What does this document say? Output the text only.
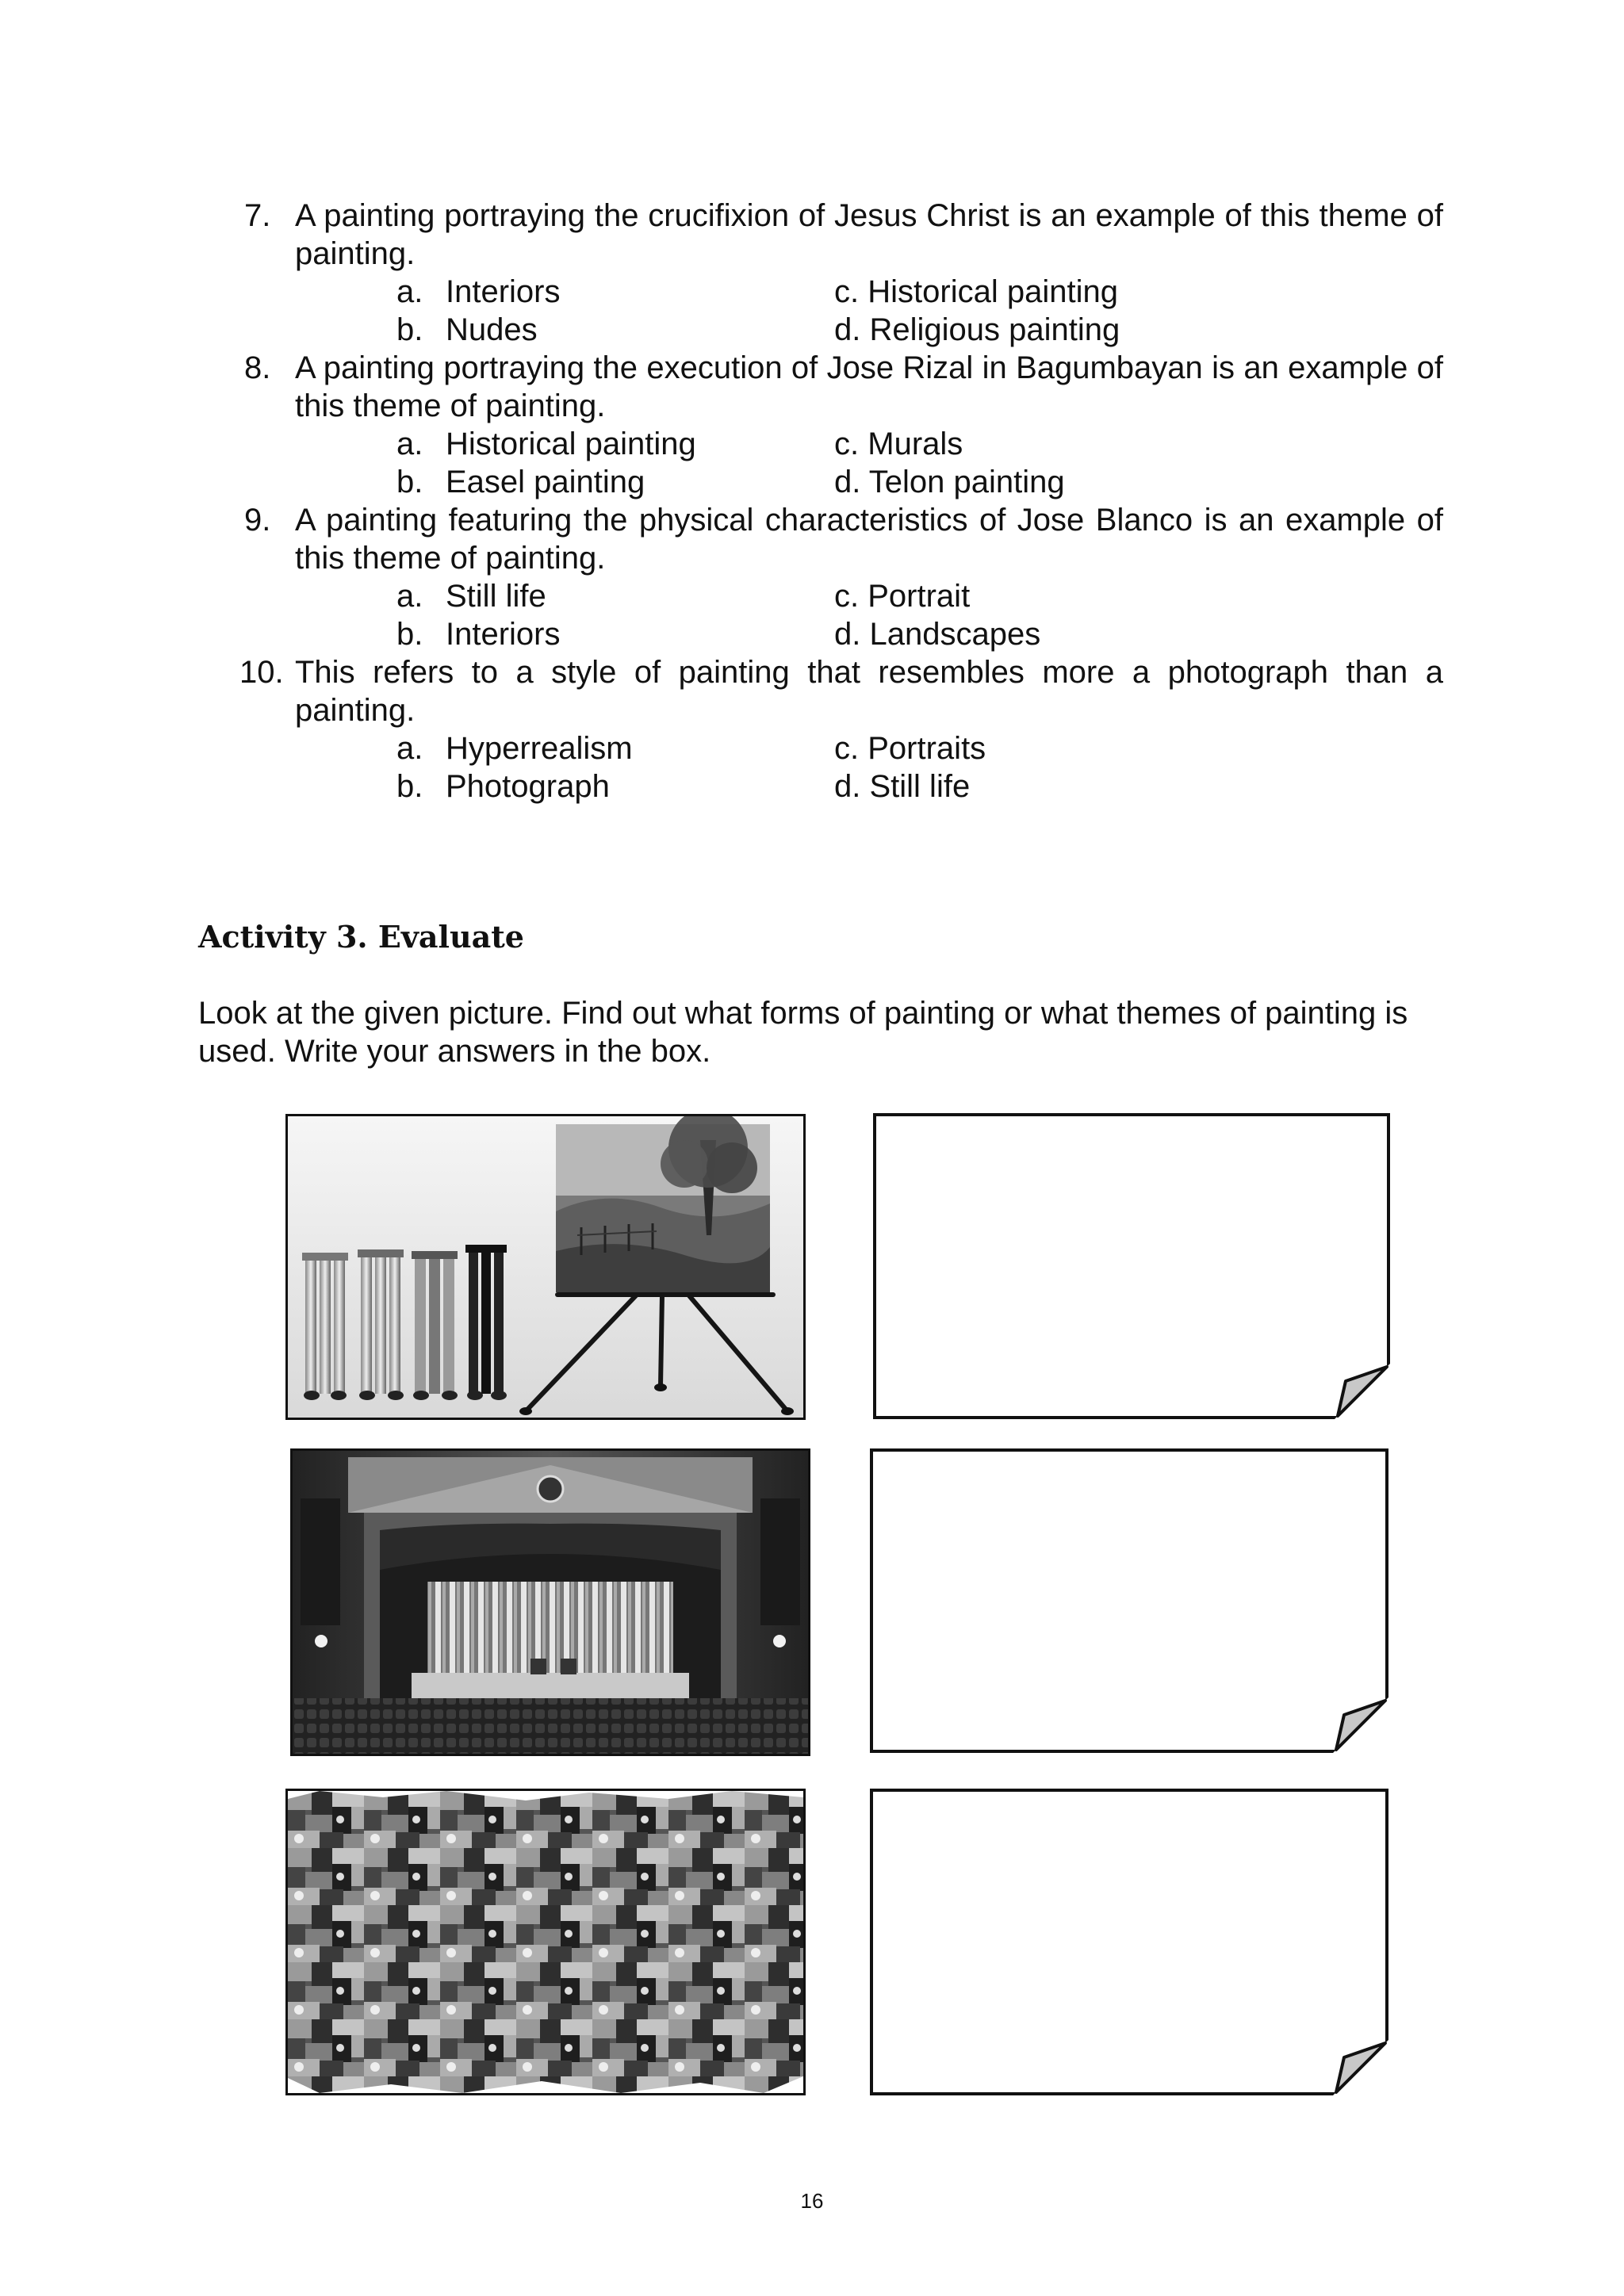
7. A painting portraying the crucifixion of Jesus Christ is an example of this theme of painting.
a. Interiors	c. Historical painting
b. Nudes	d. Religious painting
8. A painting portraying the execution of Jose Rizal in Bagumbayan is an example of this theme of painting.
a. Historical painting	c. Murals
b. Easel painting	d. Telon painting
9. A painting featuring the physical characteristics of Jose Blanco is an example of this theme of painting.
a. Still life	c. Portrait
b. Interiors	d. Landscapes
10. This refers to a style of painting that resembles more a photograph than a painting.
a. Hyperrealism	c. Portraits
b. Photograph	d. Still life
Activity 3. Evaluate
Look at the given picture. Find out what forms of painting or what themes of painting is used. Write your answers in the box.
16
